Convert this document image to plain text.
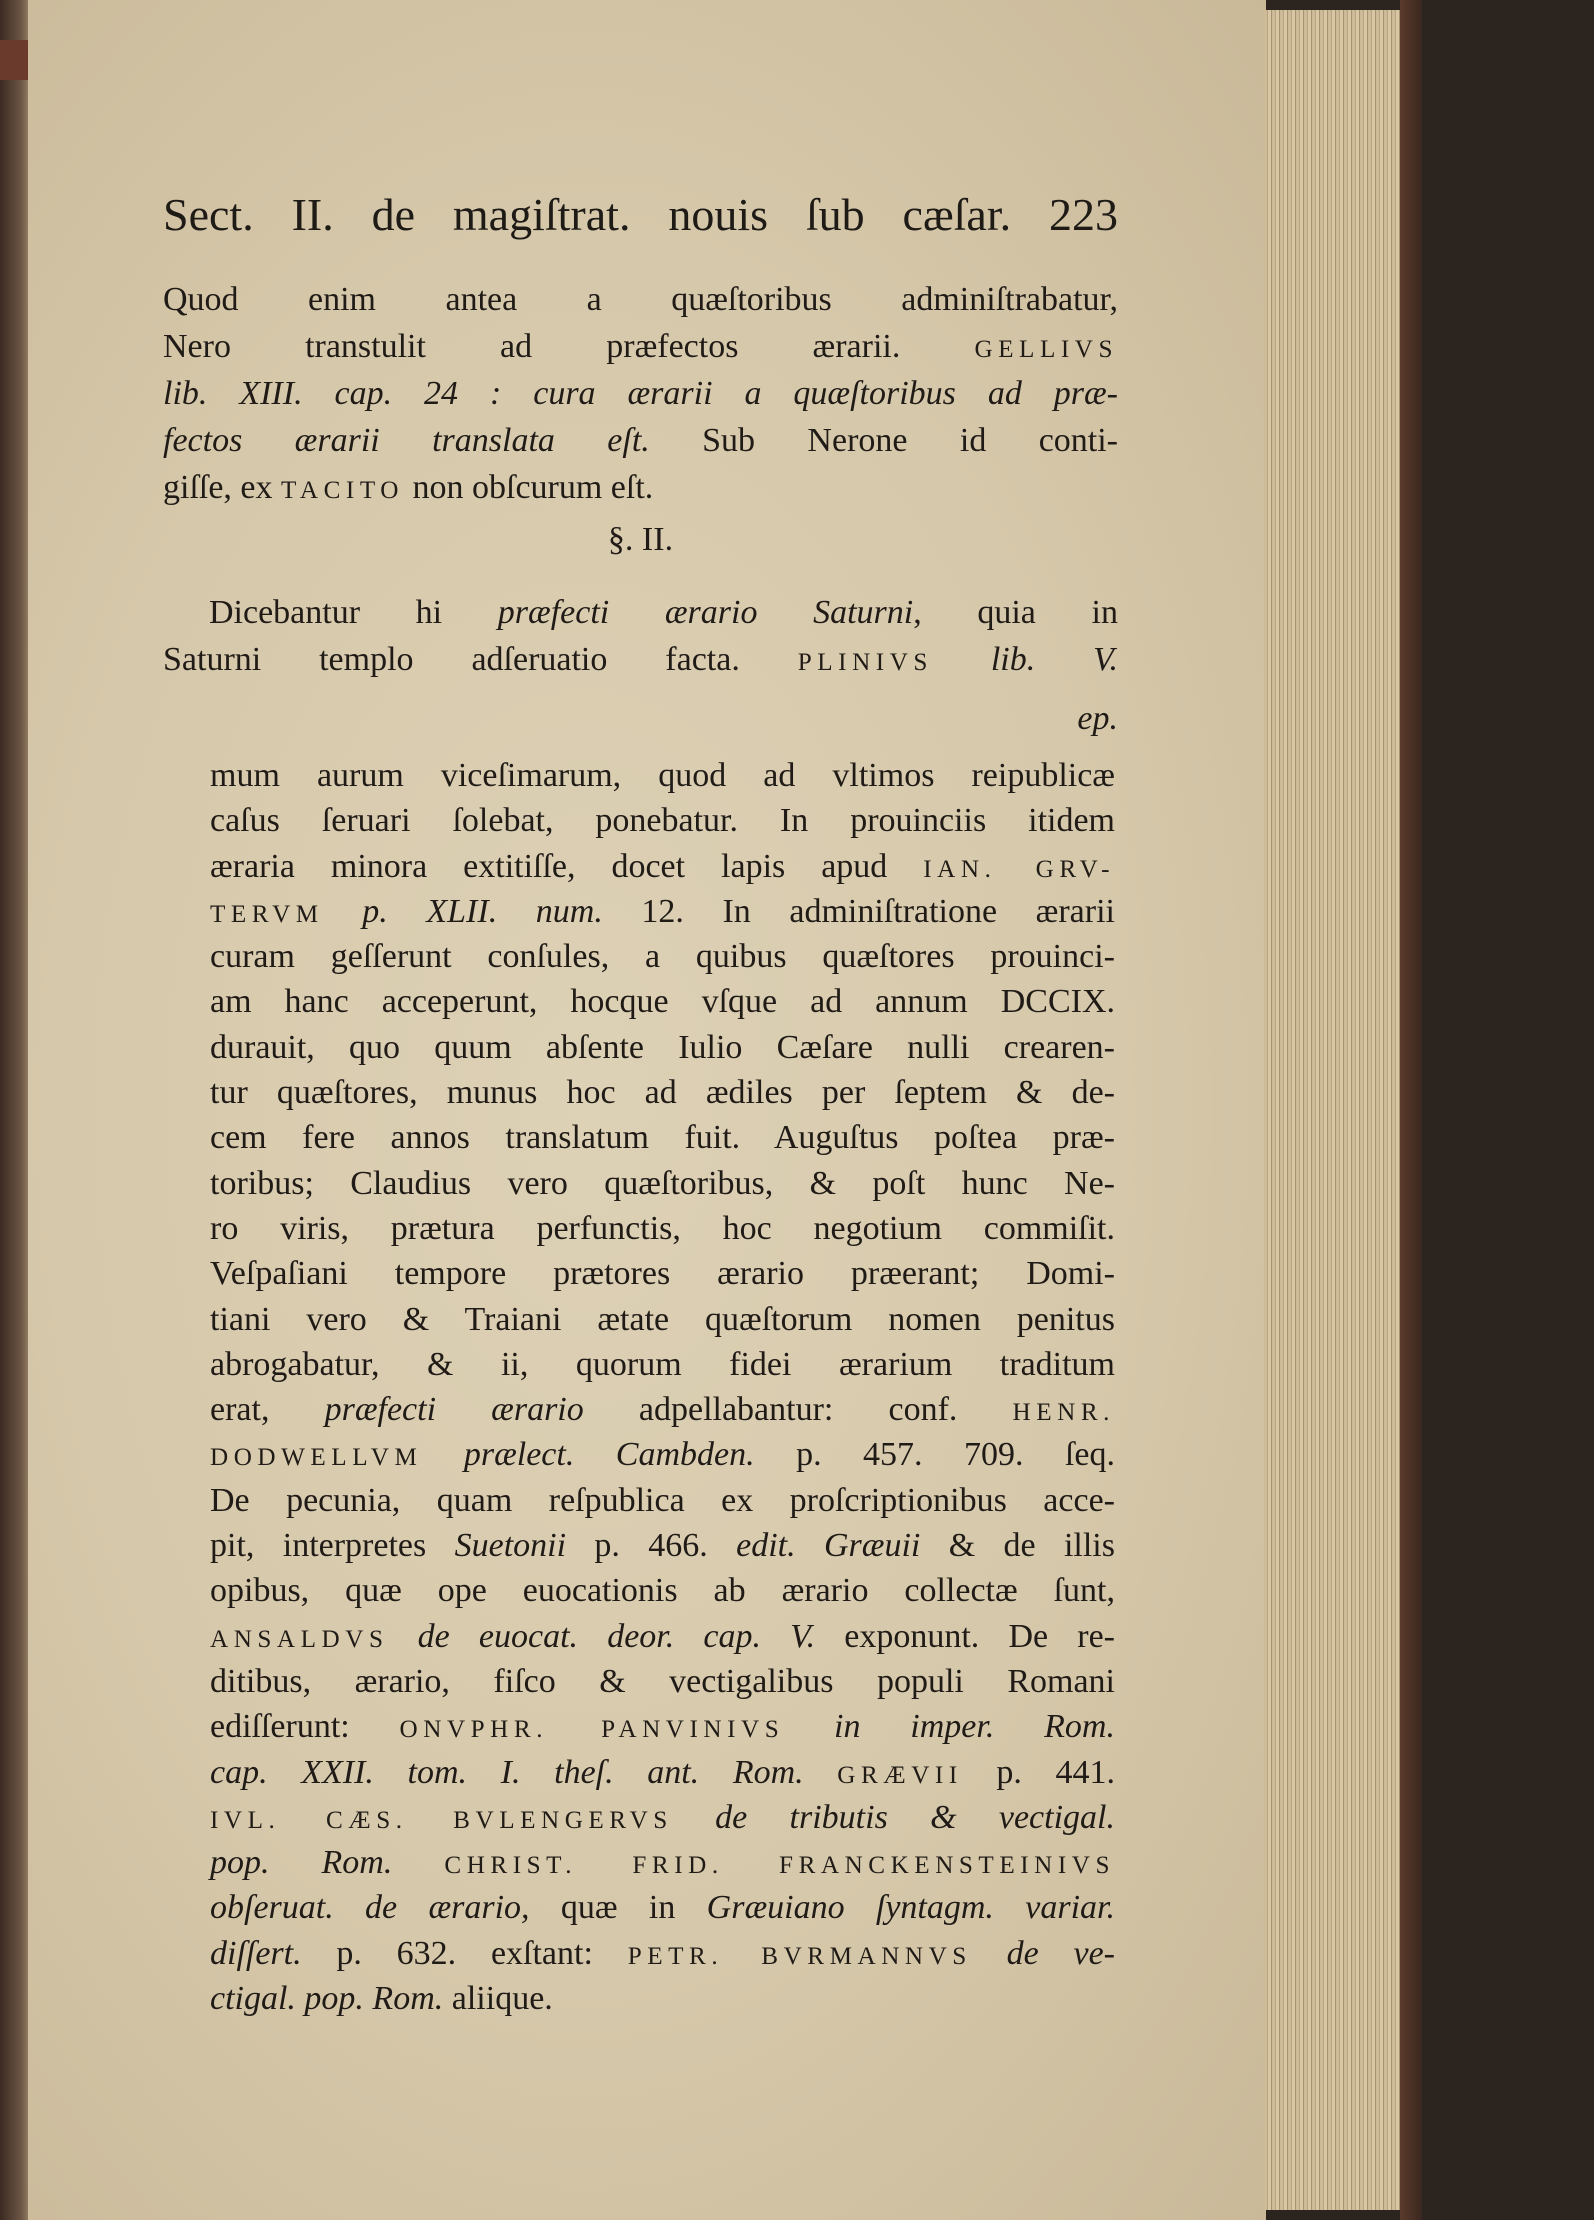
Sect. II. de magiſtrat. nouis ſub cæſar. 223
Quod enim antea a quæſtoribus adminiſtrabatur,
Nero transtulit ad præfectos ærarii. GELLIVS
lib. XIII. cap. 24 : cura ærarii a quæſtoribus ad præ-
fectos ærarii translata eſt. Sub Nerone id conti-
giſſe, ex TACITO non obſcurum eſt.
§. II.
Dicebantur hi præfecti ærario Saturni, quia in
Saturni templo adſeruatio facta. PLINIVS lib. V.
ep.
mum aurum viceſimarum, quod ad vltimos reipublicæ
caſus ſeruari ſolebat, ponebatur. In prouinciis itidem
æraria minora extitiſſe, docet lapis apud IAN. GRV-
TERVM p. XLII. num. 12. In adminiſtratione ærarii
curam geſſerunt conſules, a quibus quæſtores prouinci-
am hanc acceperunt, hocque vſque ad annum DCCIX.
durauit, quo quum abſente Iulio Cæſare nulli crearen-
tur quæſtores, munus hoc ad ædiles per ſeptem & de-
cem fere annos translatum fuit. Auguſtus poſtea præ-
toribus; Claudius vero quæſtoribus, & poſt hunc Ne-
ro viris, prætura perfunctis, hoc negotium commiſit.
Veſpaſiani tempore prætores ærario præerant; Domi-
tiani vero & Traiani ætate quæſtorum nomen penitus
abrogabatur, & ii, quorum fidei ærarium traditum
erat, præfecti ærario adpellabantur: conf. HENR.
DODWELLVM prælect. Cambden. p. 457. 709. ſeq.
De pecunia, quam reſpublica ex proſcriptionibus acce-
pit, interpretes Suetonii p. 466. edit. Græuii & de illis
opibus, quæ ope euocationis ab ærario collectæ ſunt,
ANSALDVS de euocat. deor. cap. V. exponunt. De re-
ditibus, ærario, fiſco & vectigalibus populi Romani
ediſſerunt: ONVPHR. PANVINIVS in imper. Rom.
cap. XXII. tom. I. theſ. ant. Rom. GRÆVII p. 441.
IVL. CÆS. BVLENGERVS de tributis & vectigal.
pop. Rom. CHRIST. FRID. FRANCKENSTEINIVS
obſeruat. de ærario, quæ in Græuiano ſyntagm. variar.
diſſert. p. 632. exſtant: PETR. BVRMANNVS de ve-
ctigal. pop. Rom. aliique.
